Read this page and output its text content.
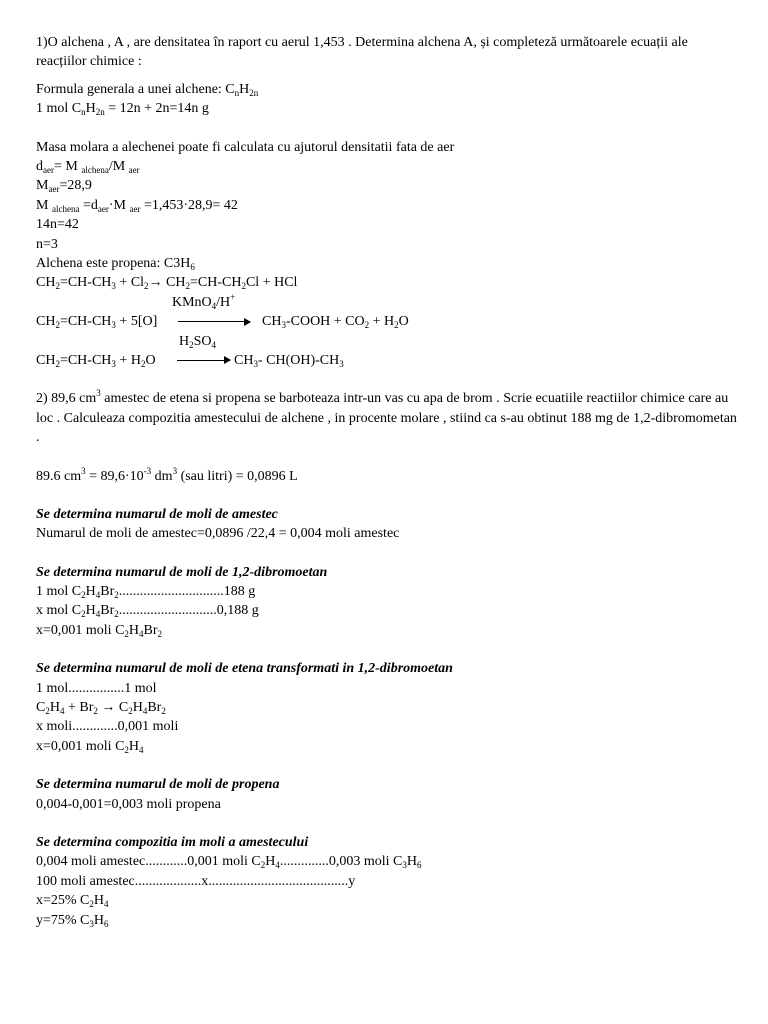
1)O alchena , A , are densitatea în raport cu aerul 1,453 . Determina alchena A, și completeză următoarele ecuații ale reacțiilor chimice :
Formula generala a unei alchene: $C_nH_{2n}$
1 mol $C_nH_{2n} = 12n + 2n=14n$ g
Masa molara a alechenei poate fi calculata cu ajutorul densitatii fata de aer
$d_{aer}= M$ $_{alchena}$/M $_{aer}$
$M_{aer}=28,9$
M $_{alchena} =d_{aer}\cdot M$ $_{aer}$ =1,453·28,9= 42
14n=42
n=3
Alchena este propena: $C3H_6$
$CH_2=CH-CH_3 + Cl_2\to CH_2=CH-CH_2Cl$ + HCl
KMnO$_4$/H+
$CH_2=CH-CH_3 + 5[O]$	$CH_3$-COOH + $CO_2 + H_2O$
$H_2SO_4$
$CH_2=CH-CH_3 + H_2O \to CH_3-$ $CH(OH)-CH_3$
2) 89,6 $cm^3$ amestec de etena si propena se barboteaza intr-un vas cu apa de brom . Scrie ecuatiile reactiilor chimice care au loc . Calculeaza compozitia amestecului de alchene , in procente molare , stiind ca s-au obtinut 188 mg de 1,2-dibromometan .
89.6 $cm^3 = 89,6\cdot 10^{-3}$ $dm^3$ (sau litri) = 0,0896 L
Se determina numarul de moli de amestec
Numarul de moli de amestec=0,0896 /22,4 = 0,004 moli amestec
Se determina numarul de moli de 1,2-dibromoetan
1 mol $C_2H_4Br_2..............................188$ g
x mol $C_2H_4Br_2............................0,188$ g
x=0,001 moli $C_2H_4Br_2$
Se determina numarul de moli de etena transformati in 1,2-dibromoetan
1 mol................1 mol
$C_2H_4 + Br_2 \to C_2H_4Br_2$
x moli.............0,001 moli
x=0,001 moli $C_2H_4$
Se determina numarul de moli de propena
0,004-0,001=0,003 moli propena
Se determina compozitia im moli a amestecului
0,004 moli amestec............0,001 moli $C_2H_4..............0,003$ moli $C_3H_6$
100 moli amestec...................x........................................y
x=25% $C_2H_4$
y=75% $C_3H_6$
